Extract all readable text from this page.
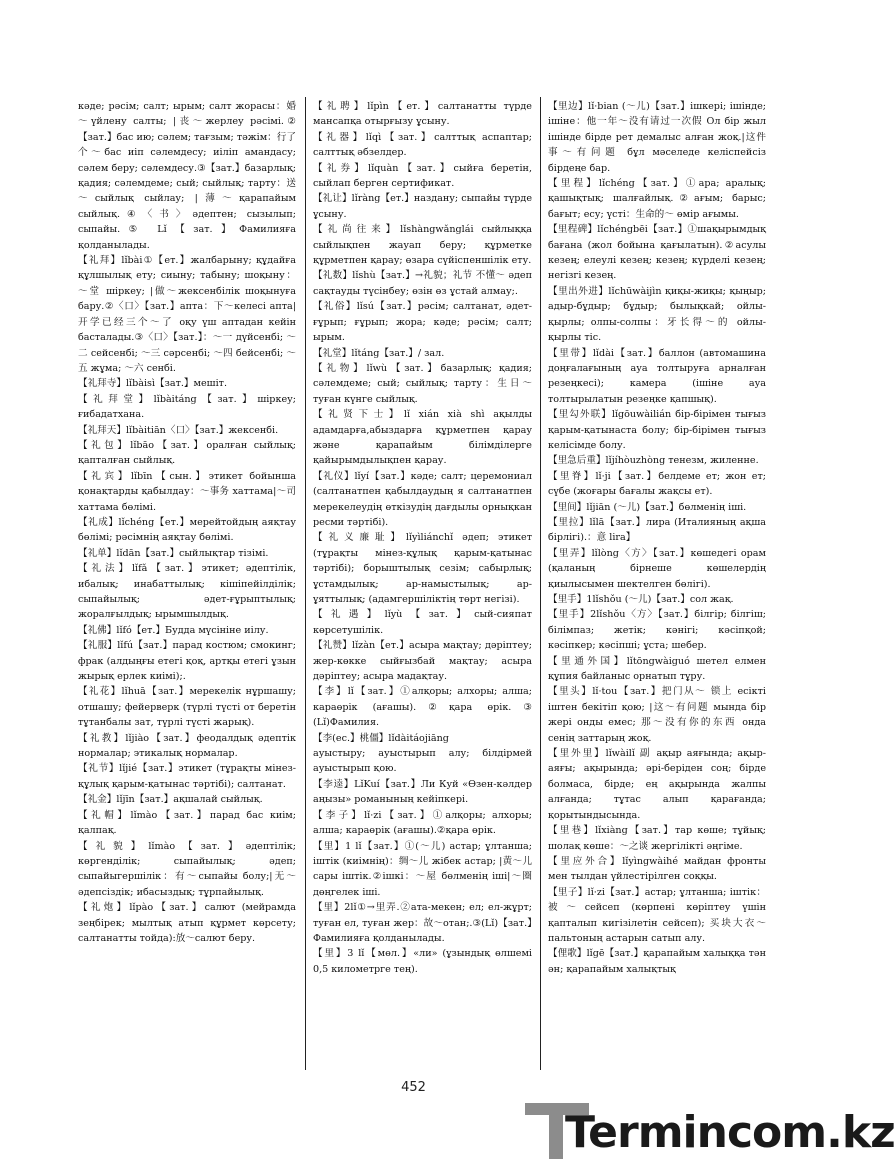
кәде; рәсім; салт; ырым; салт жорасы：婚～үйлену салты; |丧～жерлеу рәсімі.②【зат.】бас ию; сәлем; тағзым; тәжім：行了个～бас иіп сәлемдесу; иіліп амандасу; сәлем беру; сәлемдесу.③【зат.】базарлық; қадия; сәлемдеме; сый; сыйлық; тарту：送～сыйлық сыйлау; |薄～қарапайым сыйлық.④〈书〉әдептен; сызылып; сыпайы.⑤ Lǐ【зат.】Фамилияға қолданылады.

【礼拜】lǐbài①【ет.】жалбарыну; құдайға құлшылық ету; сиыну; табыну; шоқыну：～堂 шіркеу; |做～жексенбілік шоқынуға бару.②〈口〉【зат.】апта：下～келесі апта|开学已经三个～了 оқу үш аптадан кейін басталады.③〈口〉【зат.】：～一 дүйсенбі; ～二 сейсенбі; ～三 сәрсенбі; ～四 бейсенбі; ～五 жұма; ～六 сенбі.

【礼拜寺】lǐbàisì【зат.】мешіт.

【礼拜堂】lǐbàitáng【зат.】шіркеу; ғибадатхана.

【礼拜天】lǐbàitiān〈口〉【зат.】жексенбі.

【礼包】lǐbāo【зат.】оралған сыйлық; қапталған сыйлық.

【礼宾】lǐbīn【сын.】этикет бойынша қонақтарды қабылдау：～事务 хаттама|～司 хаттама бөлімі.

【礼成】lǐchéng【ет.】мерейтойдың аяқтау бөлімі; рәсімнің аяқтау бөлімі.

【礼单】lǐdān【зат.】сыйлықтар тізімі.

【礼法】lǐfǎ【зат.】этикет; әдептілік, ибалық; инабаттылық; кішіпейілділік; сыпайылық; әдет-ғұрыптылық; жоралғылдық; ырымшылдық.

【礼佛】lǐfó【ет.】Будда мүсініне иілу.

【礼服】lǐfú【зат.】парад костюм; смокинг; фрак (алдыңғы етегі қоқ, артқы етегі ұзын жырық ерлек киімі);.

【礼花】lǐhuā【зат.】мерекелік нұршашу; отшашу; фейерверк (түрлі түсті от беретін тұтанбалы зат, түрлі түсті жарық).

【礼教】lǐjiào【зат.】феодалдық әдептік нормалар; этикалық нормалар.

【礼节】lǐjié【зат.】этикет (тұрақты мінез-құлық қарым-қатынас тәртібі); салтанат.

【礼金】lǐjīn【зат.】ақшалай сыйлық.

【礼帽】lǐmào【зат.】парад бас киім; қалпақ.

【礼貌】lǐmào【зат.】әдептілік; көргенділік; сыпайылық; әдеп; сыпайыгершілік：有～сыпайы болу;|无～әдепсіздік; ибасыздық; тұрпайылық.

【礼炮】lǐpào【зат.】салют (мейрамда зеңбірек; мылтық атып құрмет көрсету; салтанатты тойда):放～салют беру.

【礼聘】lǐpìn【ет.】салтанатты түрде мансапқа отырғызу ұсыну.

【礼器】lǐqì【зат.】салттық аспаптар; салттық әбзелдер.

【礼券】lǐquàn【зат.】сыйға беретін, сыйлап берген сертификат.

【礼让】lǐràng【ет.】наздану; сыпайы түрде ұсыну.

【礼尚往来】lǐshàngwǎnglái сыйлыққа сыйлықпен жауап беру; құрметке құрметпен қарау; өзара сүйіспеншілік ету.

【礼数】lǐshù【зат.】→礼貌；礼节 不懂～ әдеп сақтауды түсінбеу; өзін өз ұстай алмау;.

【礼俗】lǐsú【зат.】рәсім; салтанат, әдет-ғұрып; ғұрып; жора; кәде; рәсім; салт; ырым.

【礼堂】lǐtáng【зат.】/ зал.

【礼物】lǐwù【зат.】базарлық; қадия; сәлемдеме; сый; сыйлық; тарту：生日～туған күнге сыйлық.

【礼贤下士】lǐ xián xià shì ақылды адамдарға,абыздарға құрметпен қарау және қарапайым білімділерге қайырымдылықпен қарау.

【礼仪】lǐyí【зат.】кәде; салт; церемониал (салтанатпен қабылдаудың я салтанатпен мерекелеудің өткізудің дағдылы орнықкан ресми тәртібі).

【礼义廉耻】lǐyìliánchǐ әдеп; этикет (тұрақты мінез-құлық қарым-қатынас тәртібі); борыштылық сезім; сабырлық; ұстамдылық; ар-намыстылық; ар-ұяттылық; (адамгершіліктің төрт негізі).

【礼遇】lǐyù【зат.】сый-сияпат көрсетушілік.

【礼赞】lǐzàn【ет.】асыра мақтау; дәріптеу; жер-көкке сыйғызбай мақтау; асыра дәріптеу; асыра мадақтау.

【李】lǐ【зат.】①алқоры; алхоры; алша; караөрік (ағашы).②қара өрік.③ (Lǐ)Фамилия.

【李(ес.】桃僵】lǐdàitáojiāng

ауыстыру; ауыстырып алу; білдірмей ауыстырып қою.

【李逵】LǐKuí【зат.】Ли Куй «Өзен-кәлдер аңызы» романының кейіпкері.

【李子】lǐ·zi【зат.】①алқоры; алхоры; алша; караөрік (ағашы).②қара өрік.

【里】1 lǐ【зат.】①(～儿) астар; ұлтанша; іштік (киімнің)：绸～儿 жібек астар; |黄～儿 сары іштік.②ішкі：～屋 бөлменің іші|～圈 дөңгелек іші.

【里】2lǐ①→里弄.②ата-мекен; ел; ел-жұрт; туған ел, туған жер：故～отан;.③(Lǐ)【зат.】Фамилияға қолданылады.

【里】3 lǐ【мөл.】«ли» (ұзындық өлшемі 0,5 километрге тең).

【里边】lǐ·bian (～儿)【зат.】ішкері; ішінде; ішіне：他一年～没有请过一次假 Ол бір жыл ішінде бірде рет демалыс алған жоқ.|这件事～有问题 бұл мәселеде келіспейсіз бірдеңе бар.

【里程】lǐchéng【зат.】①ара; аралық; қашықтық; шалғайлық.②ағым; барыс; бағыт; есу; үсті：生命的～ өмір ағымы.

【里程碑】lǐchéngbēi【зат.】①шақырымдық бағана (жол бойына қағылатын).②асулы кезең; елеулі кезең; кезең; күрделі кезең; негізгі кезең.

【里出外进】lǐchūwàijìn қиқы-жиқы; қыңыр; адыр-бұдыр; бұдыр; былықкай; ойлы-қырлы; олпы-солпы：牙长得～的 ойлы-қырлы тіс.

【里带】lǐdài【зат.】баллон (автомашина доңғалағының ауа толтыруға арналған резеңкесі); камера (ішіне ауа толтырылатын резеңке қапшық).

【里勾外联】lǐgōuwàilián бір-бірімен тығыз қарым-қатынаста болу; бір-бірімен тығыз келісімде болу.

【里急后重】lǐjíhòuzhòng тенезм, жиленне.

【里脊】lǐ·ji【зат.】белдеме ет; жон ет; сүбе (жоғары бағалы жақсы ет).

【里间】lǐjiān (～儿)【зат.】бөлменің іші.

【里拉】lǐlā【зат.】лира (Италияның ақша бірлігі).：意 lira】

【里弄】lǐlòng〈方〉【зат.】көшедегі орам (қаланың бірнеше көшелердің қиылысымен шектелген бөлігі).

【里手】1lǐshǒu (～儿)【зат.】сол жақ.

【里手】2lǐshǒu〈方〉【зат.】білгір; білгіш; білімпаз; жетік; кәнігі; кәсіпқой; кәсіпкер; кәсіпші; ұста; шебер.

【里通外国】lǐtōngwàiguó шетел елмен құпия байланыс орнатып тұру.

【里头】lǐ·tou【зат.】把门从～ 锁上 есікті іштен бекітіп қою; |这～有问题 мында бір жері онды емес; 那～没有你的东西 онда сенің заттарың жоқ.

【里外里】lǐwàilǐ 副 ақыр аяғында; ақыр-аяғы; ақырында; әрі-беріден соң; бірде болмаса, бірде; ең ақырында жалпы алғанда; тұтас алып қарағанда; қорытындысында.

【里巷】lǐxiàng【зат.】тар көше; тұйық; шолақ көше：～之谈 жергілікті әңгіме.

【里应外合】lǐyìngwàihé майдан фронты мен тылдан үйлестірілген соққы.

【里子】lǐ·zi【зат.】астар; ұлтанша; іштік：被～сейсеп (көрпені көріптеу үшін қапталып кигізілетін сейсеп); 买块大衣～пальтоның астарын сатып алу.

【俚歌】lǐgē【зат.】қарапайым халыққа тән ән; қарапайым халықтық

452
Termincom.kz
